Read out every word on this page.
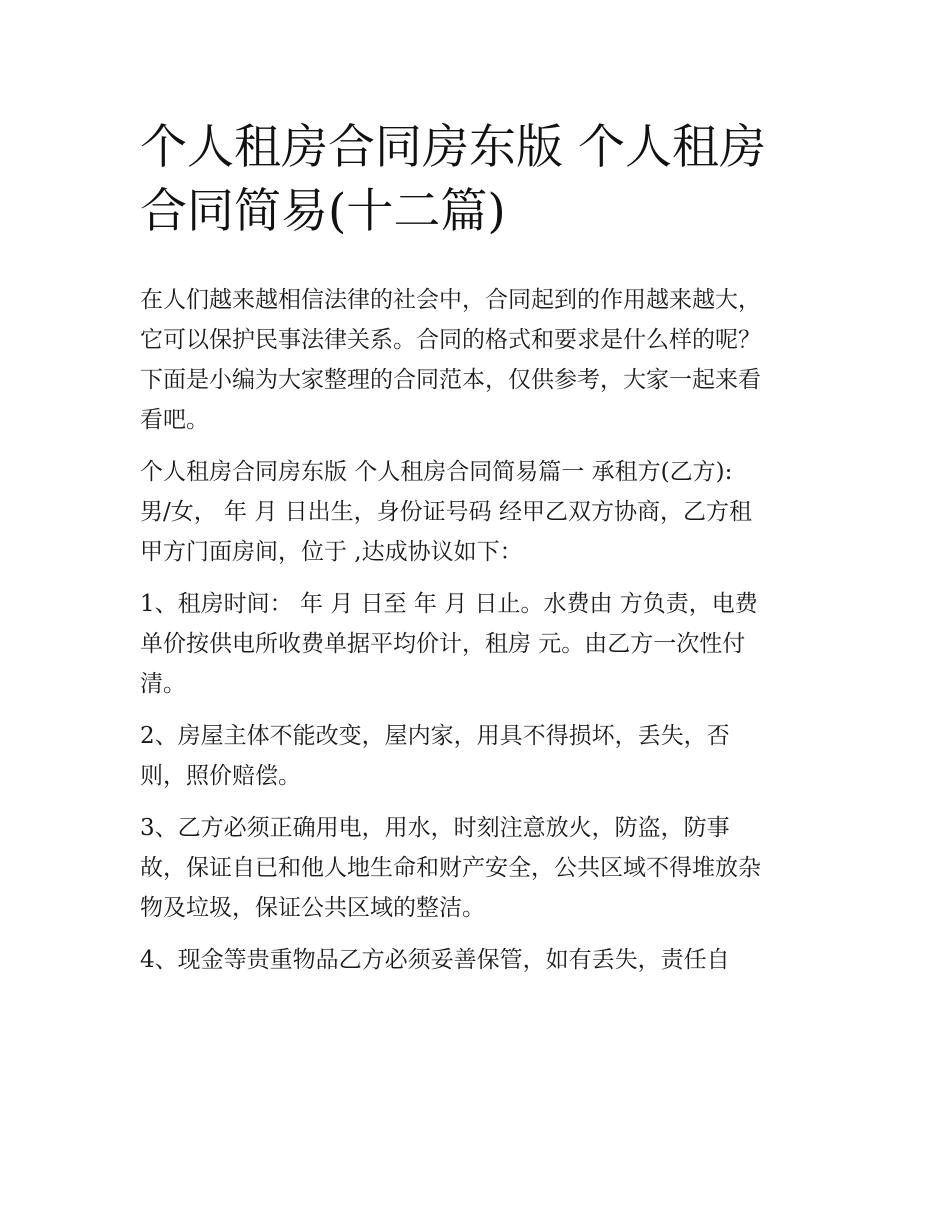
个人租房合同房东版 个人租房
合同简易(十二篇)
在人们越来越相信法律的社会中，合同起到的作用越来越大，
它可以保护民事法律关系。合同的格式和要求是什么样的呢？
下面是小编为大家整理的合同范本，仅供参考，大家一起来看
看吧。
个人租房合同房东版 个人租房合同简易篇一 承租方(乙方):
男/女， 年 月 日出生，身份证号码 经甲乙双方协商，乙方租
甲方门面房间，位于 ,达成协议如下：
1、租房时间： 年 月 日至 年 月 日止。水费由 方负责，电费
单价按供电所收费单据平均价计，租房 元。由乙方一次性付
清。
2、房屋主体不能改变，屋内家，用具不得损坏，丢失，否
则，照价赔偿。
3、乙方必须正确用电，用水，时刻注意放火，防盗，防事
故，保证自已和他人地生命和财产安全，公共区域不得堆放杂
物及垃圾，保证公共区域的整洁。
4、现金等贵重物品乙方必须妥善保管，如有丢失，责任自
